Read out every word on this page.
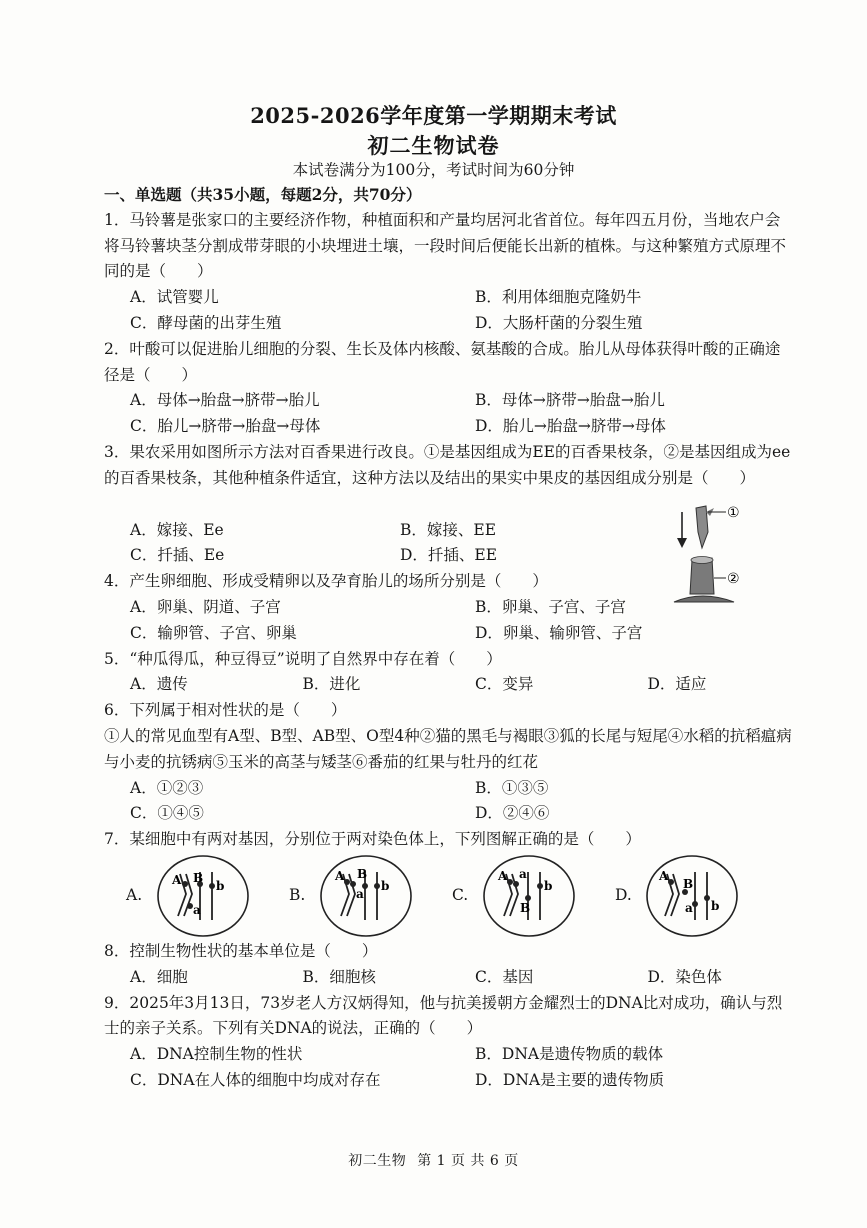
2025-2026学年度第一学期期末考试
初二生物试卷
本试卷满分为100分，考试时间为60分钟
一、单选题（共35小题，每题2分，共70分）
1．马铃薯是张家口的主要经济作物，种植面积和产量均居河北省首位。每年四五月份，当地农户会将马铃薯块茎分割成带芽眼的小块埋进土壤，一段时间后便能长出新的植株。与这种繁殖方式原理不同的是（　　）
A．试管婴儿	B．利用体细胞克隆奶牛
C．酵母菌的出芽生殖	D．大肠杆菌的分裂生殖
2．叶酸可以促进胎儿细胞的分裂、生长及体内核酸、氨基酸的合成。胎儿从母体获得叶酸的正确途径是（　　）
A．母体→胎盘→脐带→胎儿	B．母体→脐带→胎盘→胎儿
C．胎儿→脐带→胎盘→母体	D．胎儿→胎盘→脐带→母体
3．果农采用如图所示方法对百香果进行改良。①是基因组成为EE的百香果枝条，②是基因组成为ee的百香果枝条，其他种植条件适宜，这种方法以及结出的果实中果皮的基因组成分别是（　　）
A．嫁接、Ee	B．嫁接、EE
C．扦插、Ee	D．扦插、EE
①
②
4．产生卵细胞、形成受精卵以及孕育胎儿的场所分别是（　　）
A．卵巢、阴道、子宫	B．卵巢、子宫、子宫
C．输卵管、子宫、卵巢	D．卵巢、输卵管、子宫
5．“种瓜得瓜，种豆得豆”说明了自然界中存在着（　　）
A．遗传	B．进化	C．变异	D．适应
6．下列属于相对性状的是（　　）
①人的常见血型有A型、B型、AB型、O型4种②猫的黑毛与褐眼③狐的长尾与短尾④水稻的抗稻瘟病与小麦的抗锈病⑤玉米的高茎与矮茎⑥番茄的红果与牡丹的红花
A．①②③	B．①③⑤
C．①④⑤	D．②④⑥
7．某细胞中有两对基因，分别位于两对染色体上，下列图解正确的是（　　）
A.
A
a
B
b
B.
A
a
B
b
C.
A a
B
b
D.
A
a
B
b
8．控制生物性状的基本单位是（　　）
A．细胞	B．细胞核	C．基因	D．染色体
9．2025年3月13日，73岁老人方汉炳得知，他与抗美援朝方金耀烈士的DNA比对成功，确认与烈士的亲子关系。下列有关DNA的说法，正确的（　　）
A．DNA控制生物的性状	B．DNA是遗传物质的载体
C．DNA在人体的细胞中均成对存在	D．DNA是主要的遗传物质
初二生物 第 1 页 共 6 页
